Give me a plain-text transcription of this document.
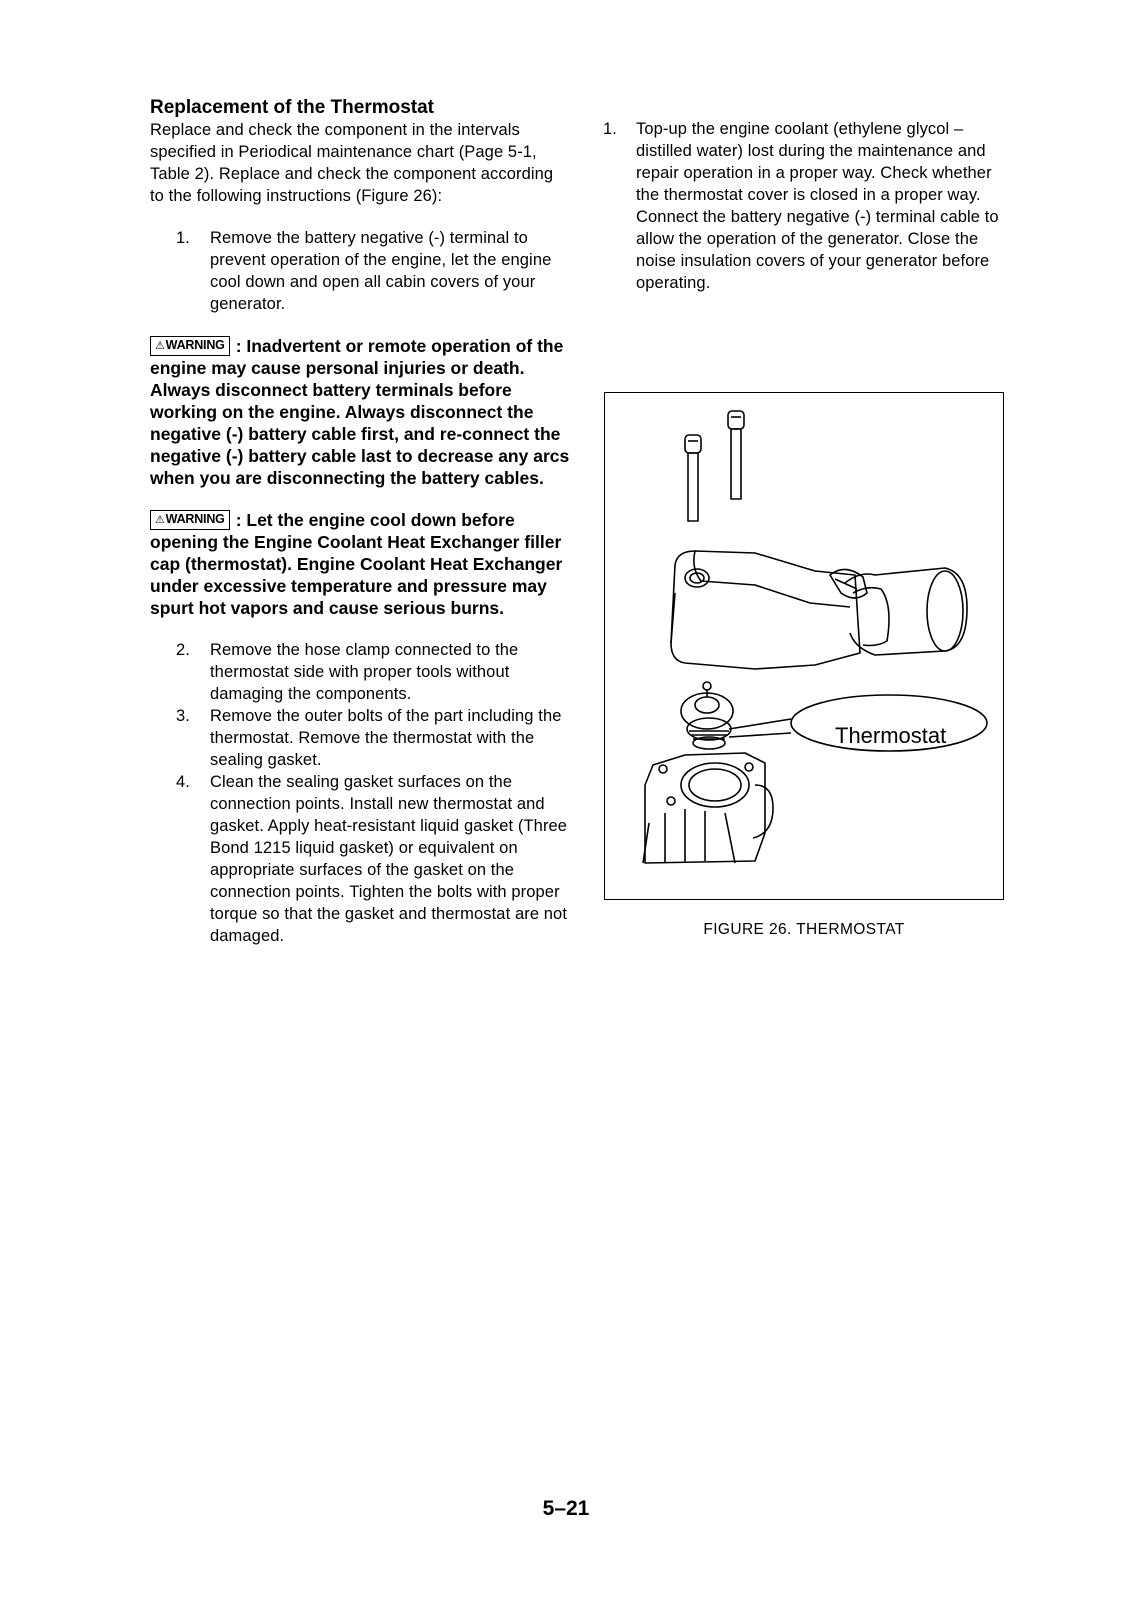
Replacement of the Thermostat

Replace and check the component in the intervals specified in Periodical maintenance chart (Page 5-1, Table 2). Replace and check the component according to the following instructions (Figure 26):

1. Remove the battery negative (-) terminal to prevent operation of the engine, let the engine cool down and open all cabin covers of your generator.

⚠WARNING : Inadvertent or remote operation of the engine may cause personal injuries or death. Always disconnect battery terminals before working on the engine. Always disconnect the negative (-) battery cable first, and re-connect the negative (-) battery cable last to decrease any arcs when you are disconnecting the battery cables.

⚠WARNING : Let the engine cool down before opening the Engine Coolant Heat Exchanger filler cap (thermostat). Engine Coolant Heat Exchanger under excessive temperature and pressure may spurt hot vapors and cause serious burns.

2. Remove the hose clamp connected to the thermostat side with proper tools without damaging the components.
3. Remove the outer bolts of the part including the thermostat. Remove the thermostat with the sealing gasket.
4. Clean the sealing gasket surfaces on the connection points. Install new thermostat and gasket. Apply heat-resistant liquid gasket (Three Bond 1215 liquid gasket) or equivalent on appropriate surfaces of the gasket on the connection points. Tighten the bolts with proper torque so that the gasket and thermostat are not damaged.
1. Top-up the engine coolant (ethylene glycol – distilled water) lost during the maintenance and repair operation in a proper way. Check whether the thermostat cover is closed in a proper way. Connect the battery negative (-) terminal cable to allow the operation of the generator. Close the noise insulation covers of your generator before operating.
Thermostat
FIGURE 26. THERMOSTAT
5–21
